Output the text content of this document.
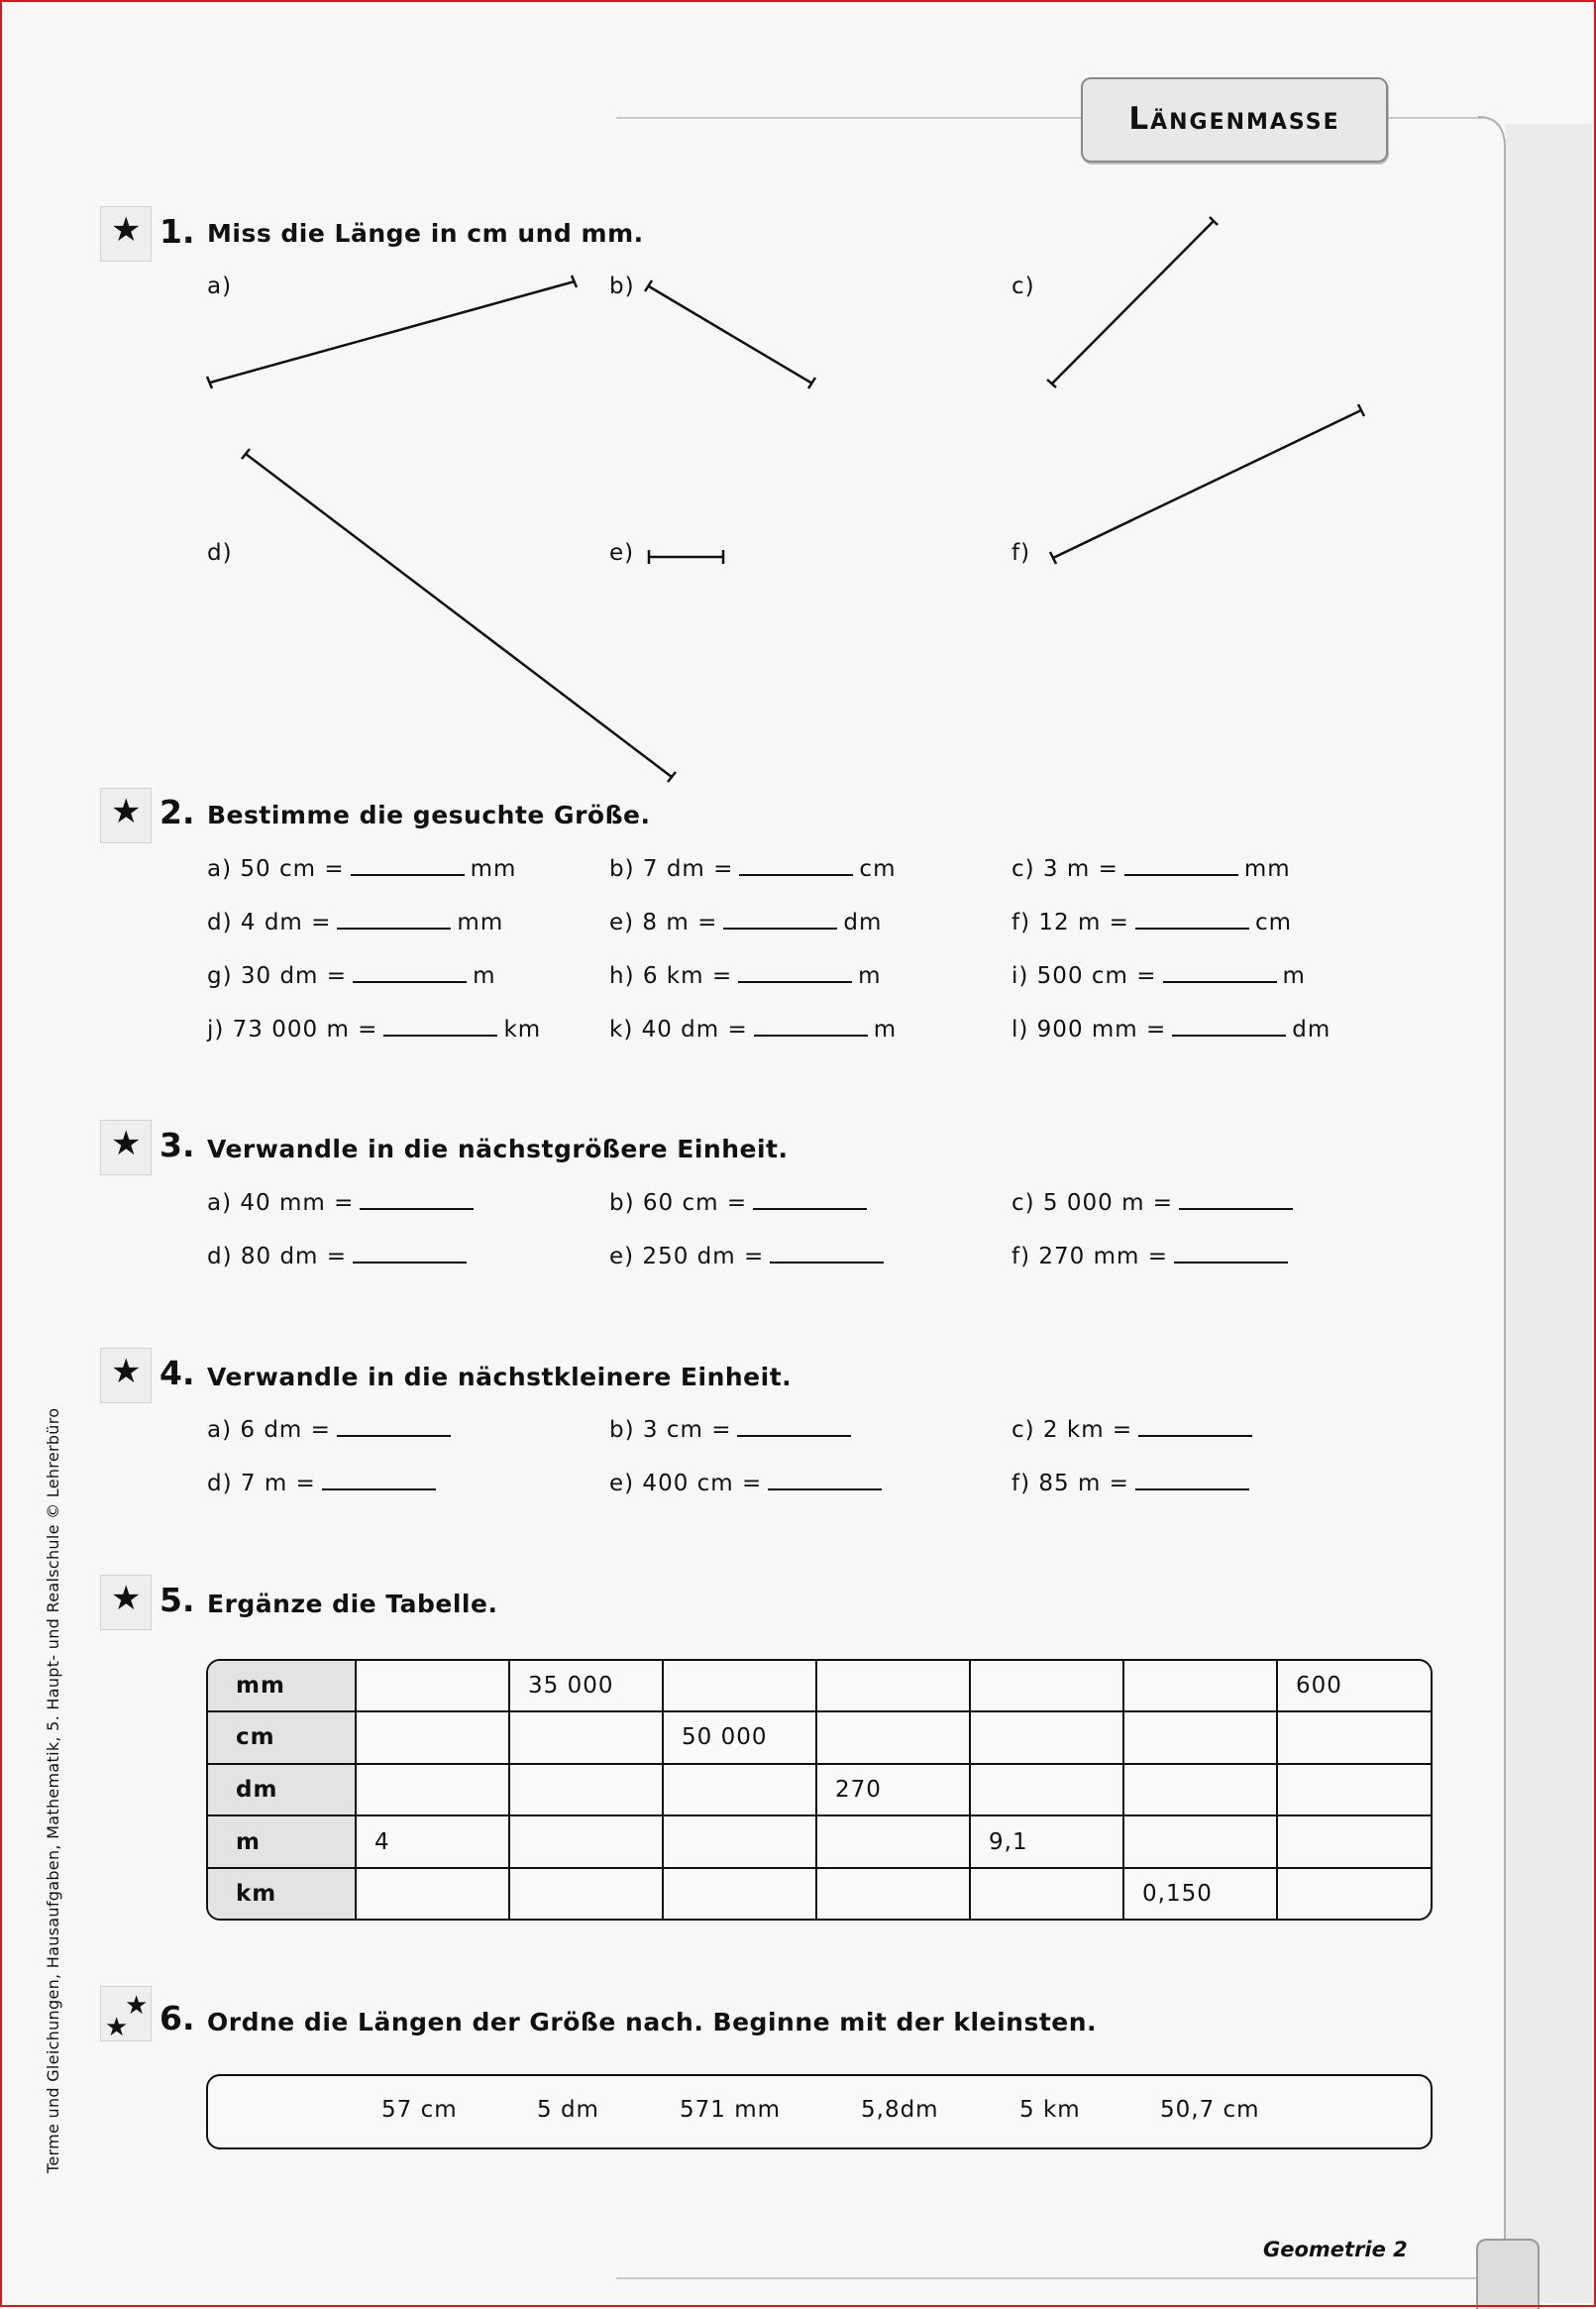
Längenmasse
★ 1. Miss die Länge in cm und mm.
a)	b)	c)
d)	e)	f)
★ 2. Bestimme die gesuchte Größe.
a) 50 cm =	mm	b) 7 dm =	cm	c) 3 m =	mm
d) 4 dm =	mm	e) 8 m =	dm	f) 12 m =	cm
g) 30 dm =	m	h) 6 km =	m	i) 500 cm =	m
j) 73 000 m =	km	k) 40 dm =	m	l) 900 mm =	dm
★ 3. Verwandle in die nächstgrößere Einheit.
a) 40 mm =	b) 60 cm =	c) 5 000 m =
d) 80 dm =	e) 250 dm =	f) 270 mm =
★ 4. Verwandle in die nächstkleinere Einheit.
a) 6 dm =	b) 3 cm =	c) 2 km =
d) 7 m =	e) 400 cm =	f) 85 m =
★ 5. Ergänze die Tabelle.
mm		35 000					600
cm			50 000				
dm				270			
m	4				9,1		
km						0,150	
★
★ 6. Ordne die Längen der Größe nach. Beginne mit der kleinsten.
57 cm	5 dm	571 mm	5,8dm	5 km	50,7 cm
Terme und Gleichungen, Hausaufgaben, Mathematik, 5. Haupt- und Realschule © Lehrerbüro
Geometrie 2
